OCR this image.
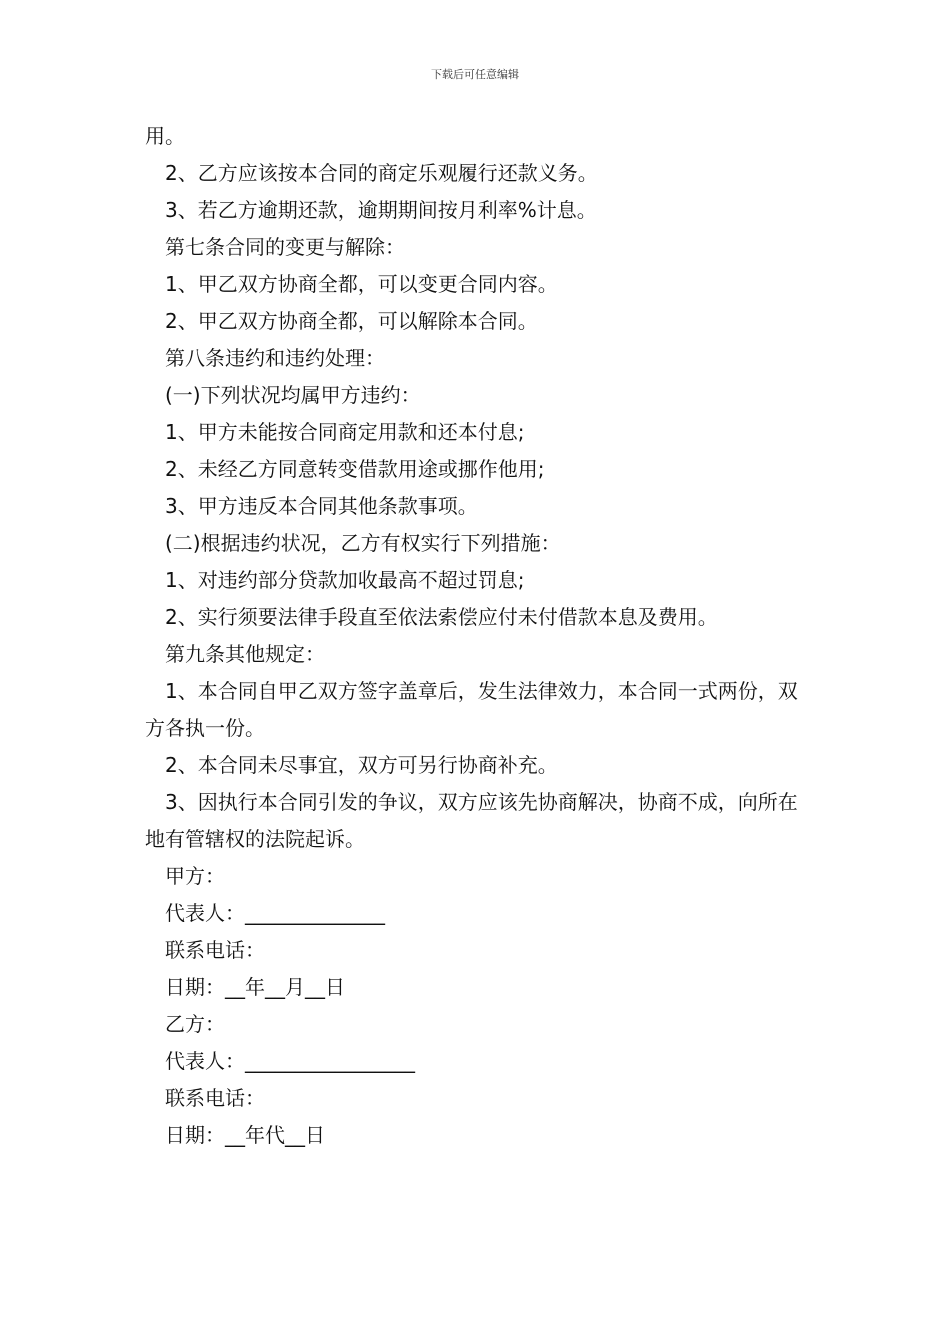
下载后可任意编辑

用。

2、乙方应该按本合同的商定乐观履行还款义务。

3、若乙方逾期还款，逾期期间按月利率%计息。

第七条合同的变更与解除：

1、甲乙双方协商全都，可以变更合同内容。

2、甲乙双方协商全都，可以解除本合同。

第八条违约和违约处理：

(一)下列状况均属甲方违约：

1、甲方未能按合同商定用款和还本付息;

2、未经乙方同意转变借款用途或挪作他用;

3、甲方违反本合同其他条款事项。

(二)根据违约状况，乙方有权实行下列措施：

1、对违约部分贷款加收最高不超过罚息;

2、实行须要法律手段直至依法索偿应付未付借款本息及费用。

第九条其他规定：

1、本合同自甲乙双方签字盖章后，发生法律效力，本合同一式两份，双方各执一份。

2、本合同未尽事宜，双方可另行协商补充。

3、因执行本合同引发的争议，双方应该先协商解决，协商不成，向所在地有管辖权的法院起诉。

甲方：

代表人：______________

联系电话：

日期：__年__月__日

乙方：

代表人：_________________

联系电话：

日期：__年代__日
